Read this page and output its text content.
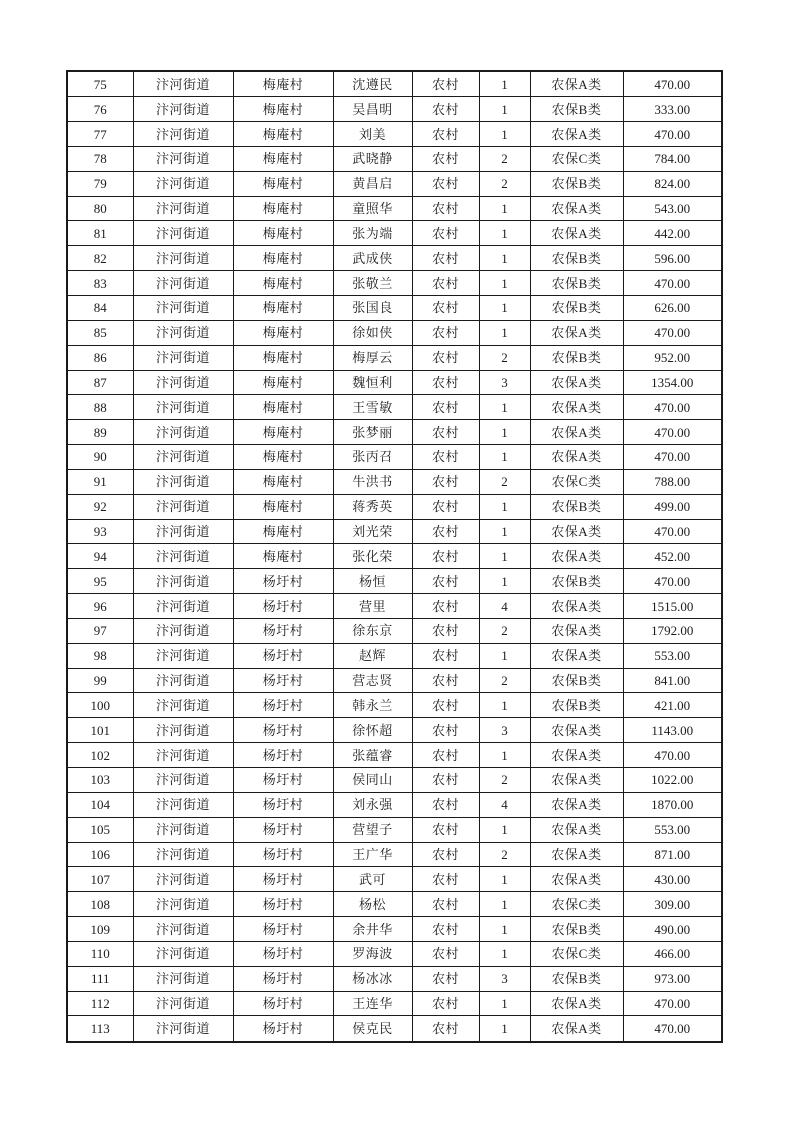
75	汴河街道	梅庵村	沈遵民	农村	1	农保A类	470.00
76	汴河街道	梅庵村	吴昌明	农村	1	农保B类	333.00
77	汴河街道	梅庵村	刘美	农村	1	农保A类	470.00
78	汴河街道	梅庵村	武晓静	农村	2	农保C类	784.00
79	汴河街道	梅庵村	黄昌启	农村	2	农保B类	824.00
80	汴河街道	梅庵村	童照华	农村	1	农保A类	543.00
81	汴河街道	梅庵村	张为端	农村	1	农保A类	442.00
82	汴河街道	梅庵村	武成侠	农村	1	农保B类	596.00
83	汴河街道	梅庵村	张敬兰	农村	1	农保B类	470.00
84	汴河街道	梅庵村	张国良	农村	1	农保B类	626.00
85	汴河街道	梅庵村	徐如侠	农村	1	农保A类	470.00
86	汴河街道	梅庵村	梅厚云	农村	2	农保B类	952.00
87	汴河街道	梅庵村	魏恒利	农村	3	农保A类	1354.00
88	汴河街道	梅庵村	王雪敏	农村	1	农保A类	470.00
89	汴河街道	梅庵村	张梦丽	农村	1	农保A类	470.00
90	汴河街道	梅庵村	张丙召	农村	1	农保A类	470.00
91	汴河街道	梅庵村	牛洪书	农村	2	农保C类	788.00
92	汴河街道	梅庵村	蒋秀英	农村	1	农保B类	499.00
93	汴河街道	梅庵村	刘光荣	农村	1	农保A类	470.00
94	汴河街道	梅庵村	张化荣	农村	1	农保A类	452.00
95	汴河街道	杨圩村	杨恒	农村	1	农保B类	470.00
96	汴河街道	杨圩村	营里	农村	4	农保A类	1515.00
97	汴河街道	杨圩村	徐东京	农村	2	农保A类	1792.00
98	汴河街道	杨圩村	赵辉	农村	1	农保A类	553.00
99	汴河街道	杨圩村	营志贤	农村	2	农保B类	841.00
100	汴河街道	杨圩村	韩永兰	农村	1	农保B类	421.00
101	汴河街道	杨圩村	徐怀超	农村	3	农保A类	1143.00
102	汴河街道	杨圩村	张蕴睿	农村	1	农保A类	470.00
103	汴河街道	杨圩村	侯同山	农村	2	农保A类	1022.00
104	汴河街道	杨圩村	刘永强	农村	4	农保A类	1870.00
105	汴河街道	杨圩村	营望子	农村	1	农保A类	553.00
106	汴河街道	杨圩村	王广华	农村	2	农保A类	871.00
107	汴河街道	杨圩村	武可	农村	1	农保A类	430.00
108	汴河街道	杨圩村	杨松	农村	1	农保C类	309.00
109	汴河街道	杨圩村	余井华	农村	1	农保B类	490.00
110	汴河街道	杨圩村	罗海波	农村	1	农保C类	466.00
111	汴河街道	杨圩村	杨冰冰	农村	3	农保B类	973.00
112	汴河街道	杨圩村	王连华	农村	1	农保A类	470.00
113	汴河街道	杨圩村	侯克民	农村	1	农保A类	470.00
